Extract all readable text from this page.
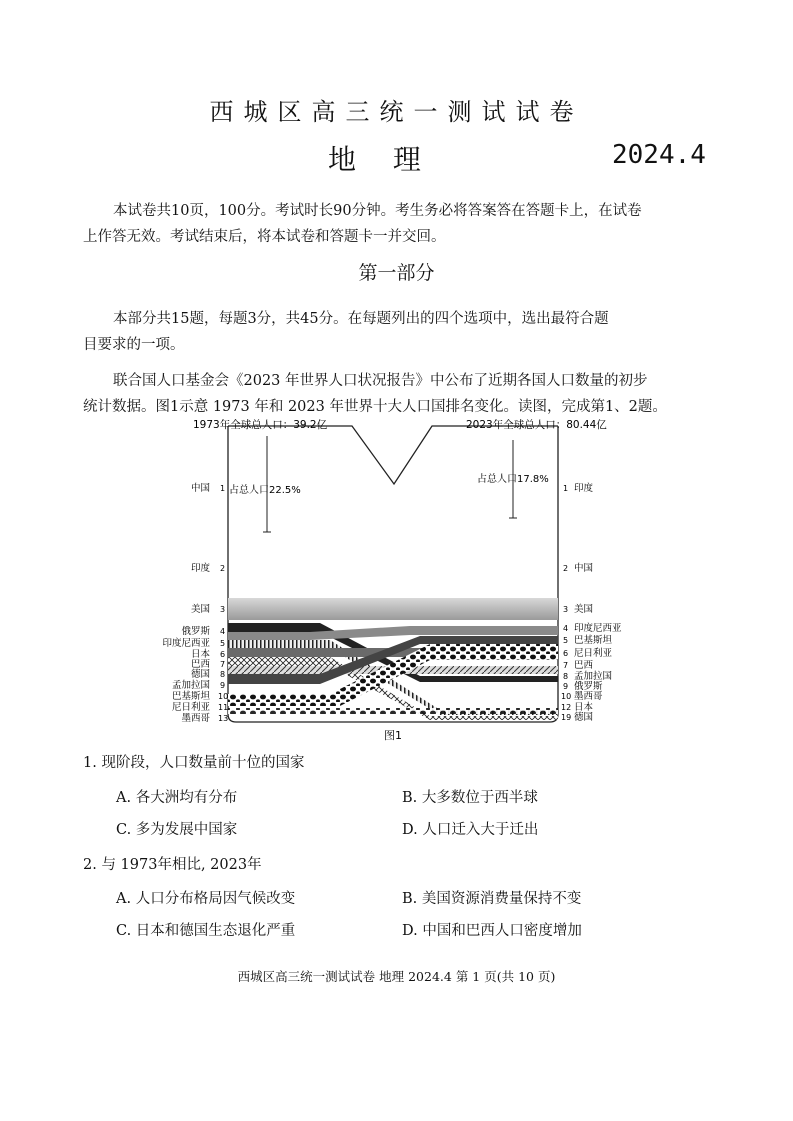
西城区高三统一测试试卷
地 理	2024.4
本试卷共10页，100分。考试时长90分钟。考生务必将答案答在答题卡上，在试卷
上作答无效。考试结束后，将本试卷和答题卡一并交回。
第一部分
本部分共15题，每题3分，共45分。在每题列出的四个选项中，选出最符合题
目要求的一项。
联合国人口基金会《2023 年世界人口状况报告》中公布了近期各国人口数量的初步
统计数据。图1示意 1973 年和 2023 年世界十大人口国排名变化。读图，完成第1、2题。
占总人口22.5%
占总人口17.8%
1973年全球总人口：39.2亿	2023年全球总人口：80.44亿
中国 1
印度 2
美国 3
俄罗斯 4
印度尼西亚 5
日本 6
巴西 7
德国 8
孟加拉国 9
巴基斯坦 10
尼日利亚 11
墨西哥 13
1 印度
2 中国
3 美国
4 印度尼西亚
5 巴基斯坦
6 尼日利亚
7 巴西
8 孟加拉国
9 俄罗斯
10 墨西哥
12 日本
19 德国
图1
1. 现阶段，人口数量前十位的国家
A. 各大洲均有分布	B. 大多数位于西半球
C. 多为发展中国家	D. 人口迁入大于迁出
2. 与 1973年相比, 2023年
A. 人口分布格局因气候改变	B. 美国资源消费量保持不变
C. 日本和德国生态退化严重	D. 中国和巴西人口密度增加
西城区高三统一测试试卷 地理 2024.4 第 1 页(共 10 页)
